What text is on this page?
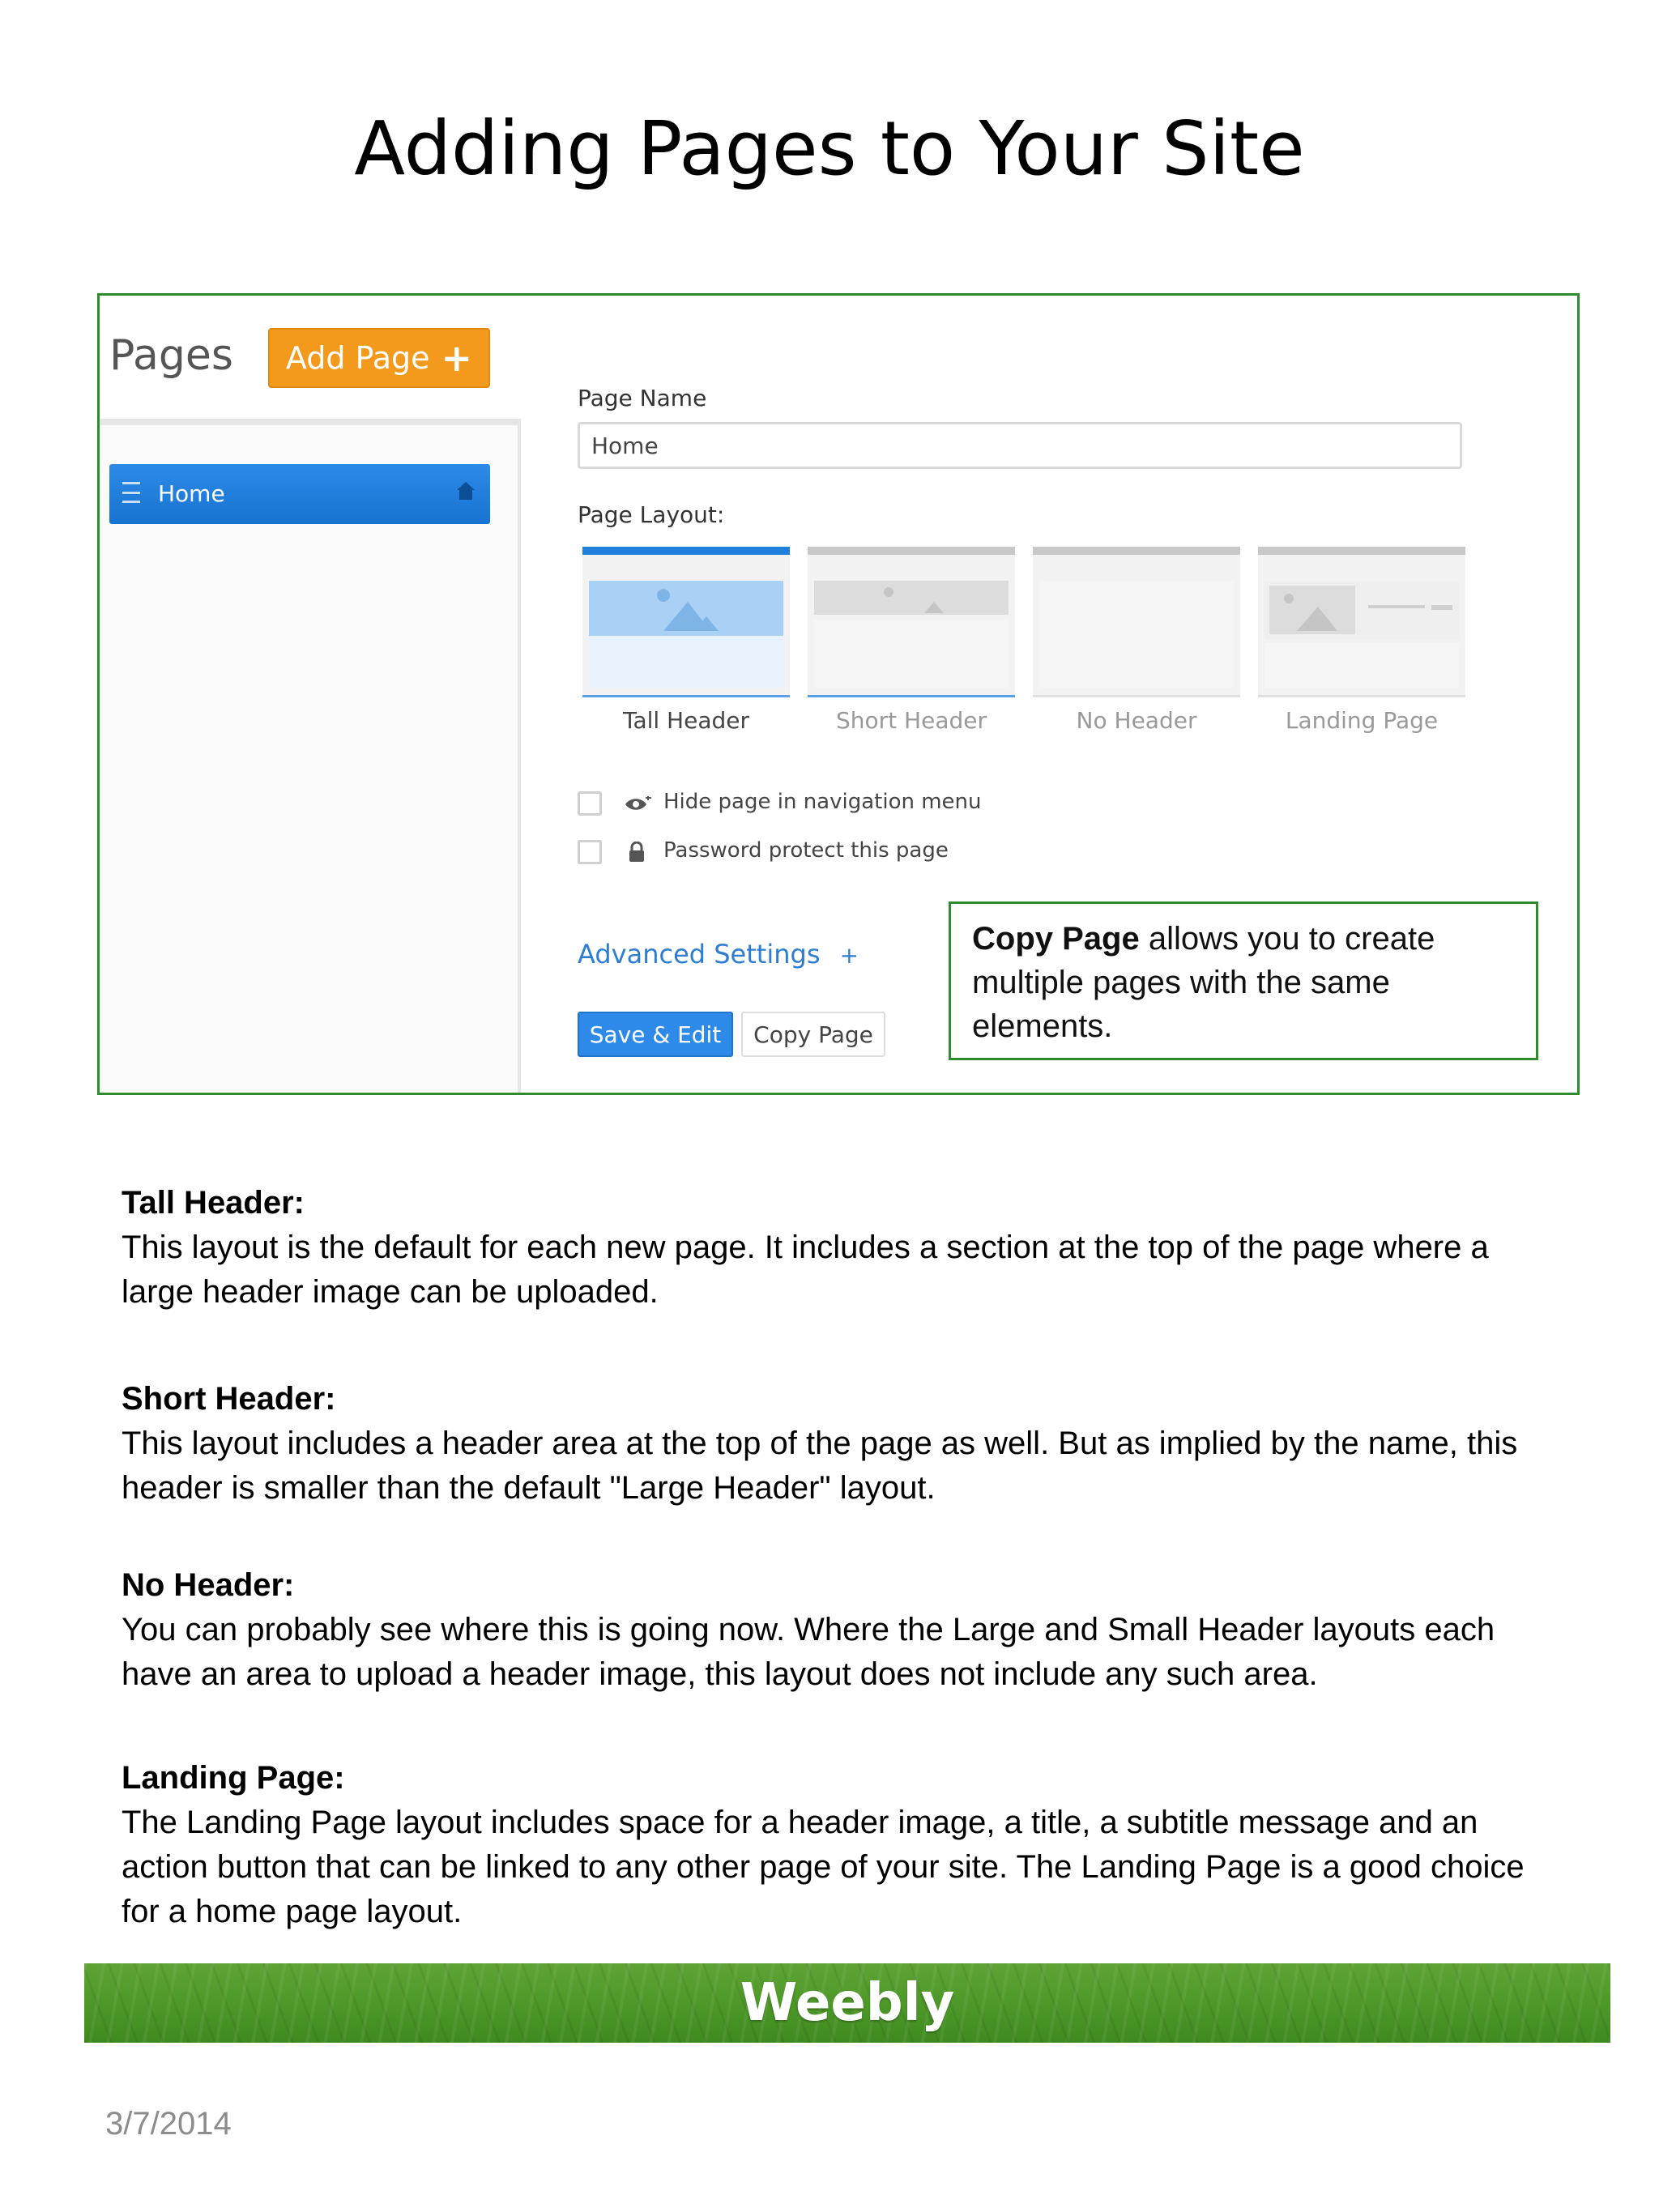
Adding Pages to Your Site
Pages Add Page +
Home
Page Name
Home
Page Layout:
Tall Header	Short Header	No Header	Landing Page
Hide page in navigation menu
Password protect this page
Advanced Settings +
Save & Edit	Copy Page
Copy Page allows you to create multiple pages with the same elements.
Tall Header:
This layout is the default for each new page. It includes a section at the top of the page where a large header image can be uploaded.
Short Header:
This layout includes a header area at the top of the page as well. But as implied by the name, this header is smaller than the default "Large Header" layout.
No Header:
You can probably see where this is going now. Where the Large and Small Header layouts each have an area to upload a header image, this layout does not include any such area.
Landing Page:
The Landing Page layout includes space for a header image, a title, a subtitle message and an action button that can be linked to any other page of your site. The Landing Page is a good choice for a home page layout.
Weebly
3/7/2014
